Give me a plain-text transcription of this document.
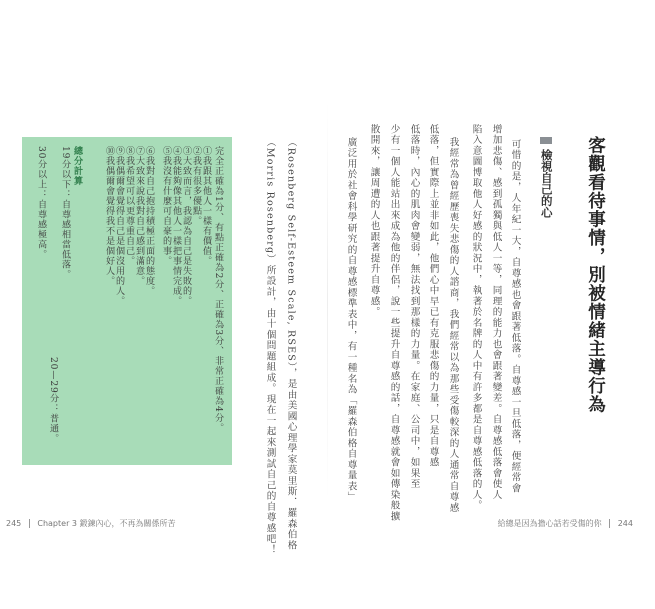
客觀看待事情，別被情緒主導行為
檢視自己的心
可惜的是，人年紀一大，自尊感也會跟著低落。自尊感一旦低落，便經常會
增加悲傷、感到孤獨與低人一等，同理的能力也會跟著變差。自尊感低落會使人
陷入意圖博取他人好感的狀況中，執著於名牌的人中有許多都是自尊感低落的人。
我經常為曾經歷喪失悲傷的人諮商，我們經常以為那些受傷較深的人通常自尊感
低落，但實際上並非如此，他們心中早已有克服悲傷的力量，只是自尊感
低落時，內心的肌肉會變弱，無法找到那樣的力量。在家庭、公司中，如果至
少有一個人能站出來成為他的伴侶，說一些提升自尊感的話，自尊感就會如傳染般擴
散開來，讓周遭的人也跟著提升自尊感。
廣泛用於社會科學研究的自尊感標準表中，有一種名為「羅森伯格自尊量表」
（Rosenberg Self-Esteem Scale, RSES），是由美國心理學家莫里斯．羅森伯格
（Morris Rosenberg）所設計，由十個問題組成。現在一起來測試自己的自尊感吧！
完全正確為1分、有點正確為2分、正確為3分、非常正確為4分。
①我跟其他人一樣有價值。
②我有很多優點。
③大致而言，我認為自己是失敗的。
④我能夠像其他人一樣把事情完成。
⑤我沒有什麼可自豪的事。
⑥我對自己抱持積極正面的態度。
⑦大致來說我對自己感到滿意。
⑧我希望可以更尊重自己。
⑨我偶爾會覺得自己是個沒用的人。
⑩我偶爾會覺得我不是個好人。
總分計算
19分以下：自尊感相當低落。
20—29分：普通。
30分以上：自尊感極高。
245 Chapter 3 鍛鍊內心，不再為關係所苦	給總是因為擔心話若受傷的你 244
